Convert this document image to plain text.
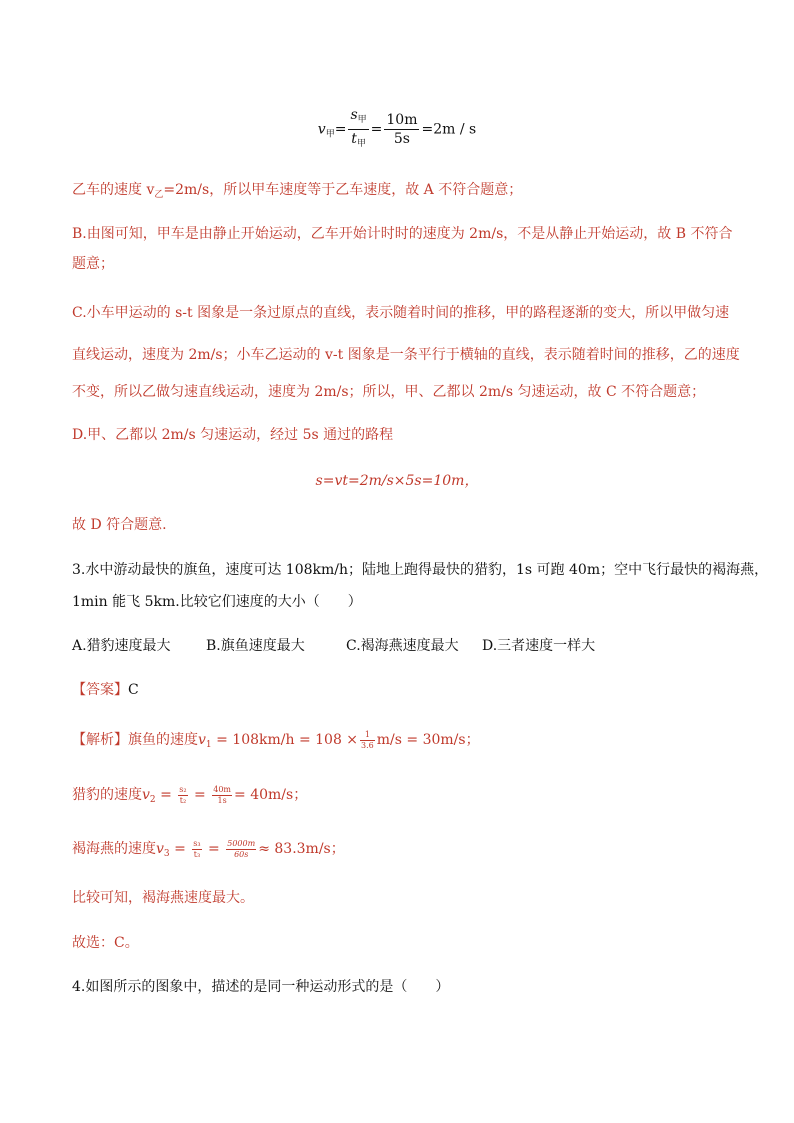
$v_甲= \frac{s_甲}{t_甲} = \frac{10m}{5s} =2m / s$
乙车的速度 $v_乙=2m/s$，所以甲车速度等于乙车速度，故 A 不符合题意；
B.由图可知，甲车是由静止开始运动，乙车开始计时时的速度为 2m/s，不是从静止开始运动，故 B 不符合
题意；
C.小车甲运动的 s-t 图象是一条过原点的直线，表示随着时间的推移，甲的路程逐渐的变大，所以甲做匀速
直线运动，速度为 2m/s；小车乙运动的 v-t 图象是一条平行于横轴的直线，表示随着时间的推移，乙的速度
不变，所以乙做匀速直线运动，速度为 2m/s；所以，甲、乙都以 2m/s 匀速运动，故 C 不符合题意；
D.甲、乙都以 2m/s 匀速运动，经过 5s 通过的路程
s=vt=2m/s×5s=10m，
故 D 符合题意.
3.水中游动最快的旗鱼，速度可达 108km/h；陆地上跑得最快的猎豹，1s 可跑 40m；空中飞行最快的褐海燕，
1min 能飞 5km.比较它们速度的大小（　　）
A.猎豹速度最大	B.旗鱼速度最大	C.褐海燕速度最大 D.三者速度一样大
【答案】C
【解析】旗鱼的速度$v_1 = 108km/h = 108 \times \frac{1}{3.6} m/s = 30m/s$；
猎豹的速度$v_2 = \frac{\text{s₂}}{\text{t₂}} = \frac{40m}{1s} = 40m/s$；
褐海燕的速度$v_3 = \frac{\text{s₃}}{\text{t₃}} = \frac{5000m}{60s} \approx 83.3m/s$；
比较可知，褐海燕速度最大。
故选：C。
4.如图所示的图象中，描述的是同一种运动形式的是（　　）
